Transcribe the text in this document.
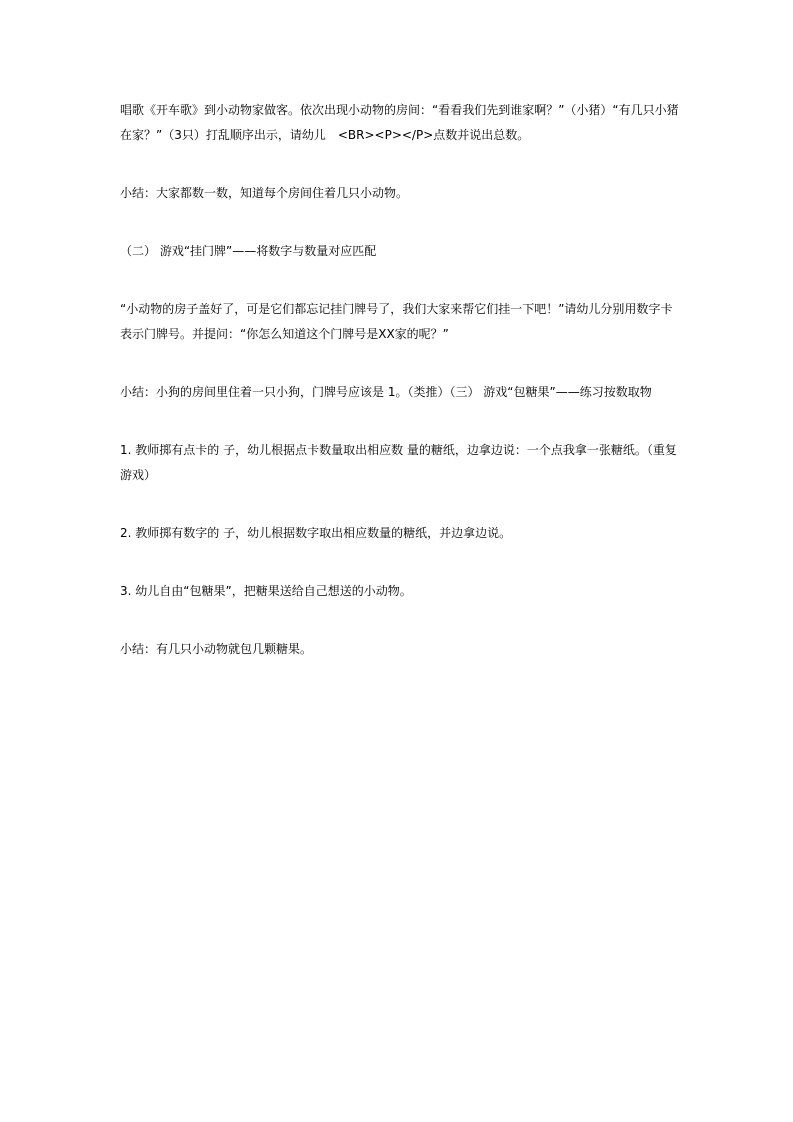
唱歌《开车歌》到小动物家做客。依次出现小动物的房间：“看看我们先到谁家啊？”（小猪）“有几只小猪在家？”（3只）打乱顺序出示，请幼儿　<BR><P></P>点数并说出总数。

小结：大家都数一数，知道每个房间住着几只小动物。

（二） 游戏“挂门牌”——将数字与数量对应匹配

“小动物的房子盖好了，可是它们都忘记挂门牌号了，我们大家来帮它们挂一下吧！”请幼儿分别用数字卡表示门牌号。并提问：“你怎么知道这个门牌号是XX家的呢？”

小结：小狗的房间里住着一只小狗，门牌号应该是 1。（类推）（三） 游戏“包糖果”——练习按数取物

1. 教师掷有点卡的 子，幼儿根据点卡数量取出相应数 量的糖纸，边拿边说：一个点我拿一张糖纸。（重复游戏）

2. 教师掷有数字的 子，幼儿根据数字取出相应数量的糖纸，并边拿边说。

3. 幼儿自由“包糖果”，把糖果送给自己想送的小动物。

小结：有几只小动物就包几颗糖果。
